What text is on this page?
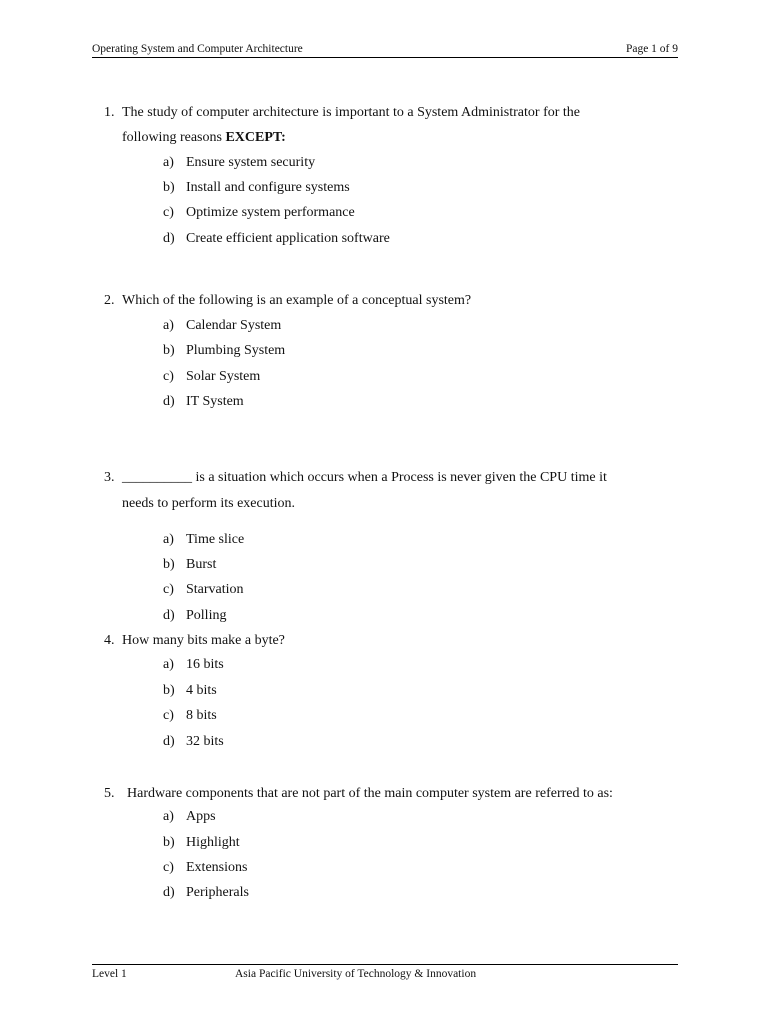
Operating System and Computer Architecture	Page 1 of 9
1. The study of computer architecture is important to a System Administrator for the
following reasons EXCEPT:
a) Ensure system security
b) Install and configure systems
c) Optimize system performance
d) Create efficient application software
2. Which of the following is an example of a conceptual system?
a) Calendar System
b) Plumbing System
c) Solar System
d) IT System
3. __________ is a situation which occurs when a Process is never given the CPU time it
needs to perform its execution.
a) Time slice
b) Burst
c) Starvation
d) Polling
4. How many bits make a byte?
a) 16 bits
b) 4 bits
c) 8 bits
d) 32 bits
5. Hardware components that are not part of the main computer system are referred to as:
a) Apps
b) Highlight
c) Extensions
d) Peripherals
Level 1	Asia Pacific University of Technology & Innovation
